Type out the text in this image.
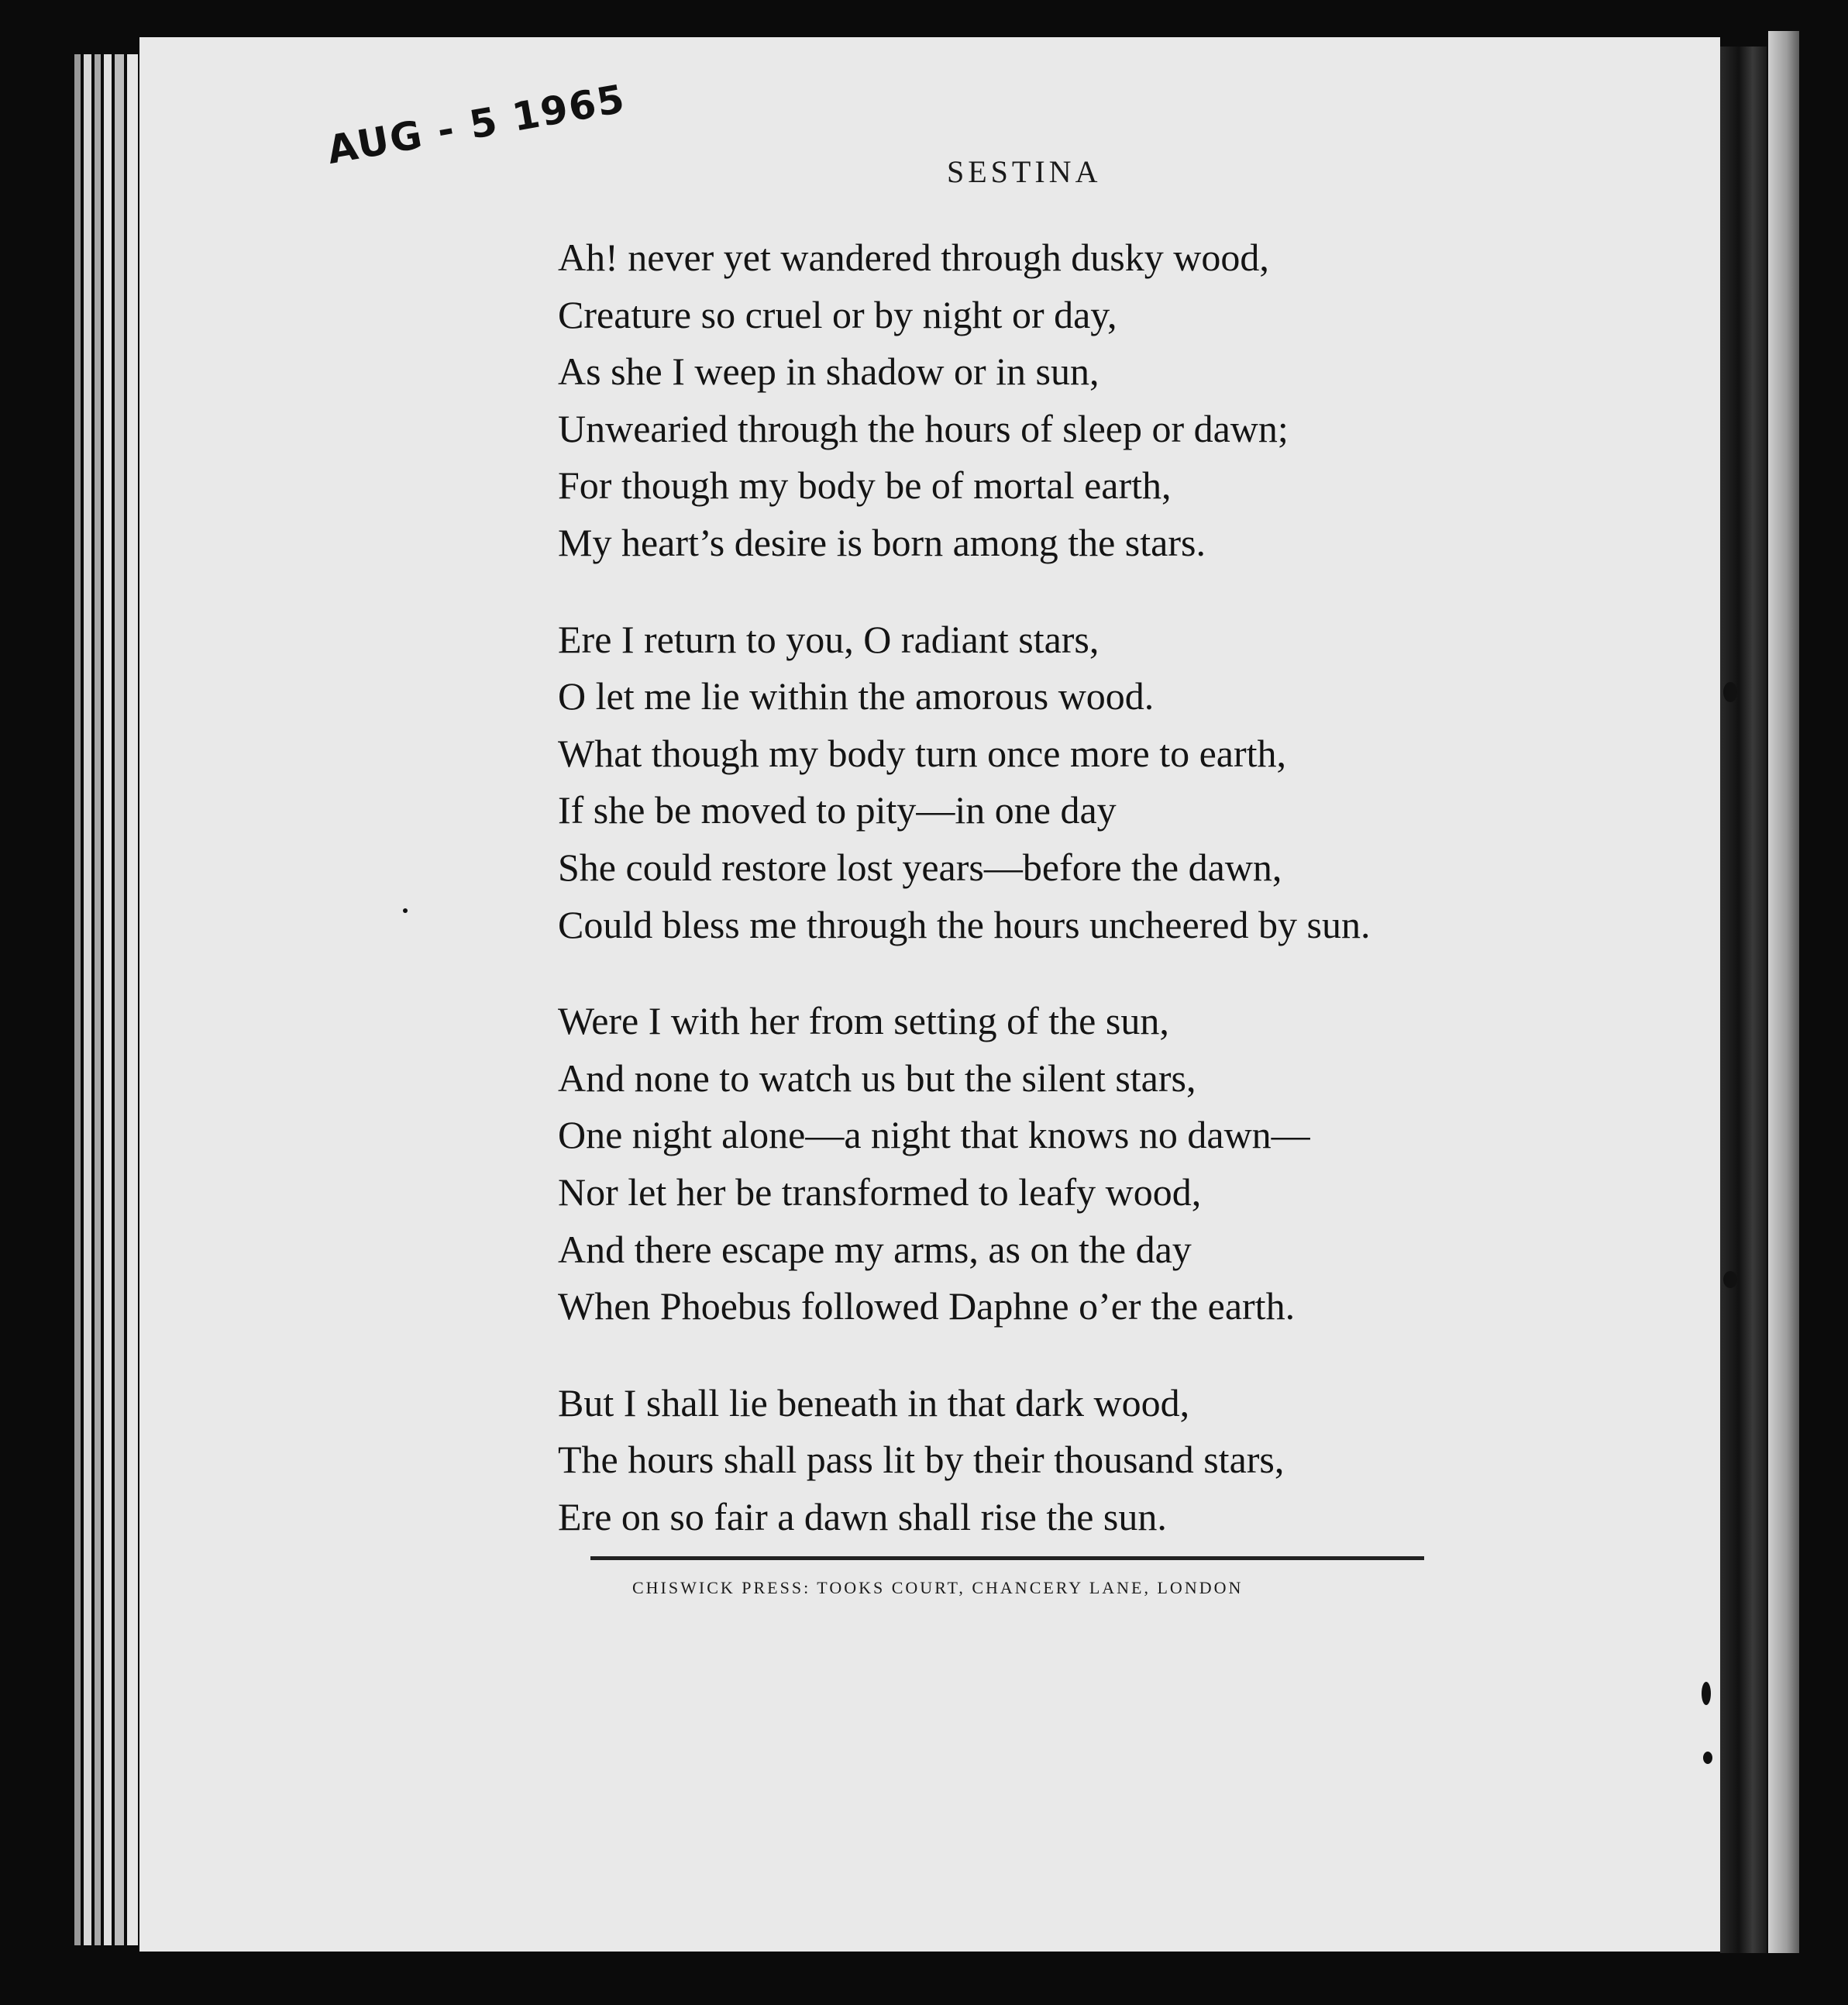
AUG - 5 1965	SESTINA
Ah! never yet wandered through dusky wood,
Creature so cruel or by night or day,
As she I weep in shadow or in sun,
Unwearied through the hours of sleep or dawn;
For though my body be of mortal earth,
My heart’s desire is born among the stars.
Ere I return to you, O radiant stars,
O let me lie within the amorous wood.
What though my body turn once more to earth,
If she be moved to pity—in one day
She could restore lost years—before the dawn,
Could bless me through the hours uncheered by sun.
Were I with her from setting of the sun,
And none to watch us but the silent stars,
One night alone—a night that knows no dawn—
Nor let her be transformed to leafy wood,
And there escape my arms, as on the day
When Phoebus followed Daphne o’er the earth.
But I shall lie beneath in that dark wood,
The hours shall pass lit by their thousand stars,
Ere on so fair a dawn shall rise the sun.
CHISWICK PRESS: TOOKS COURT, CHANCERY LANE, LONDON
